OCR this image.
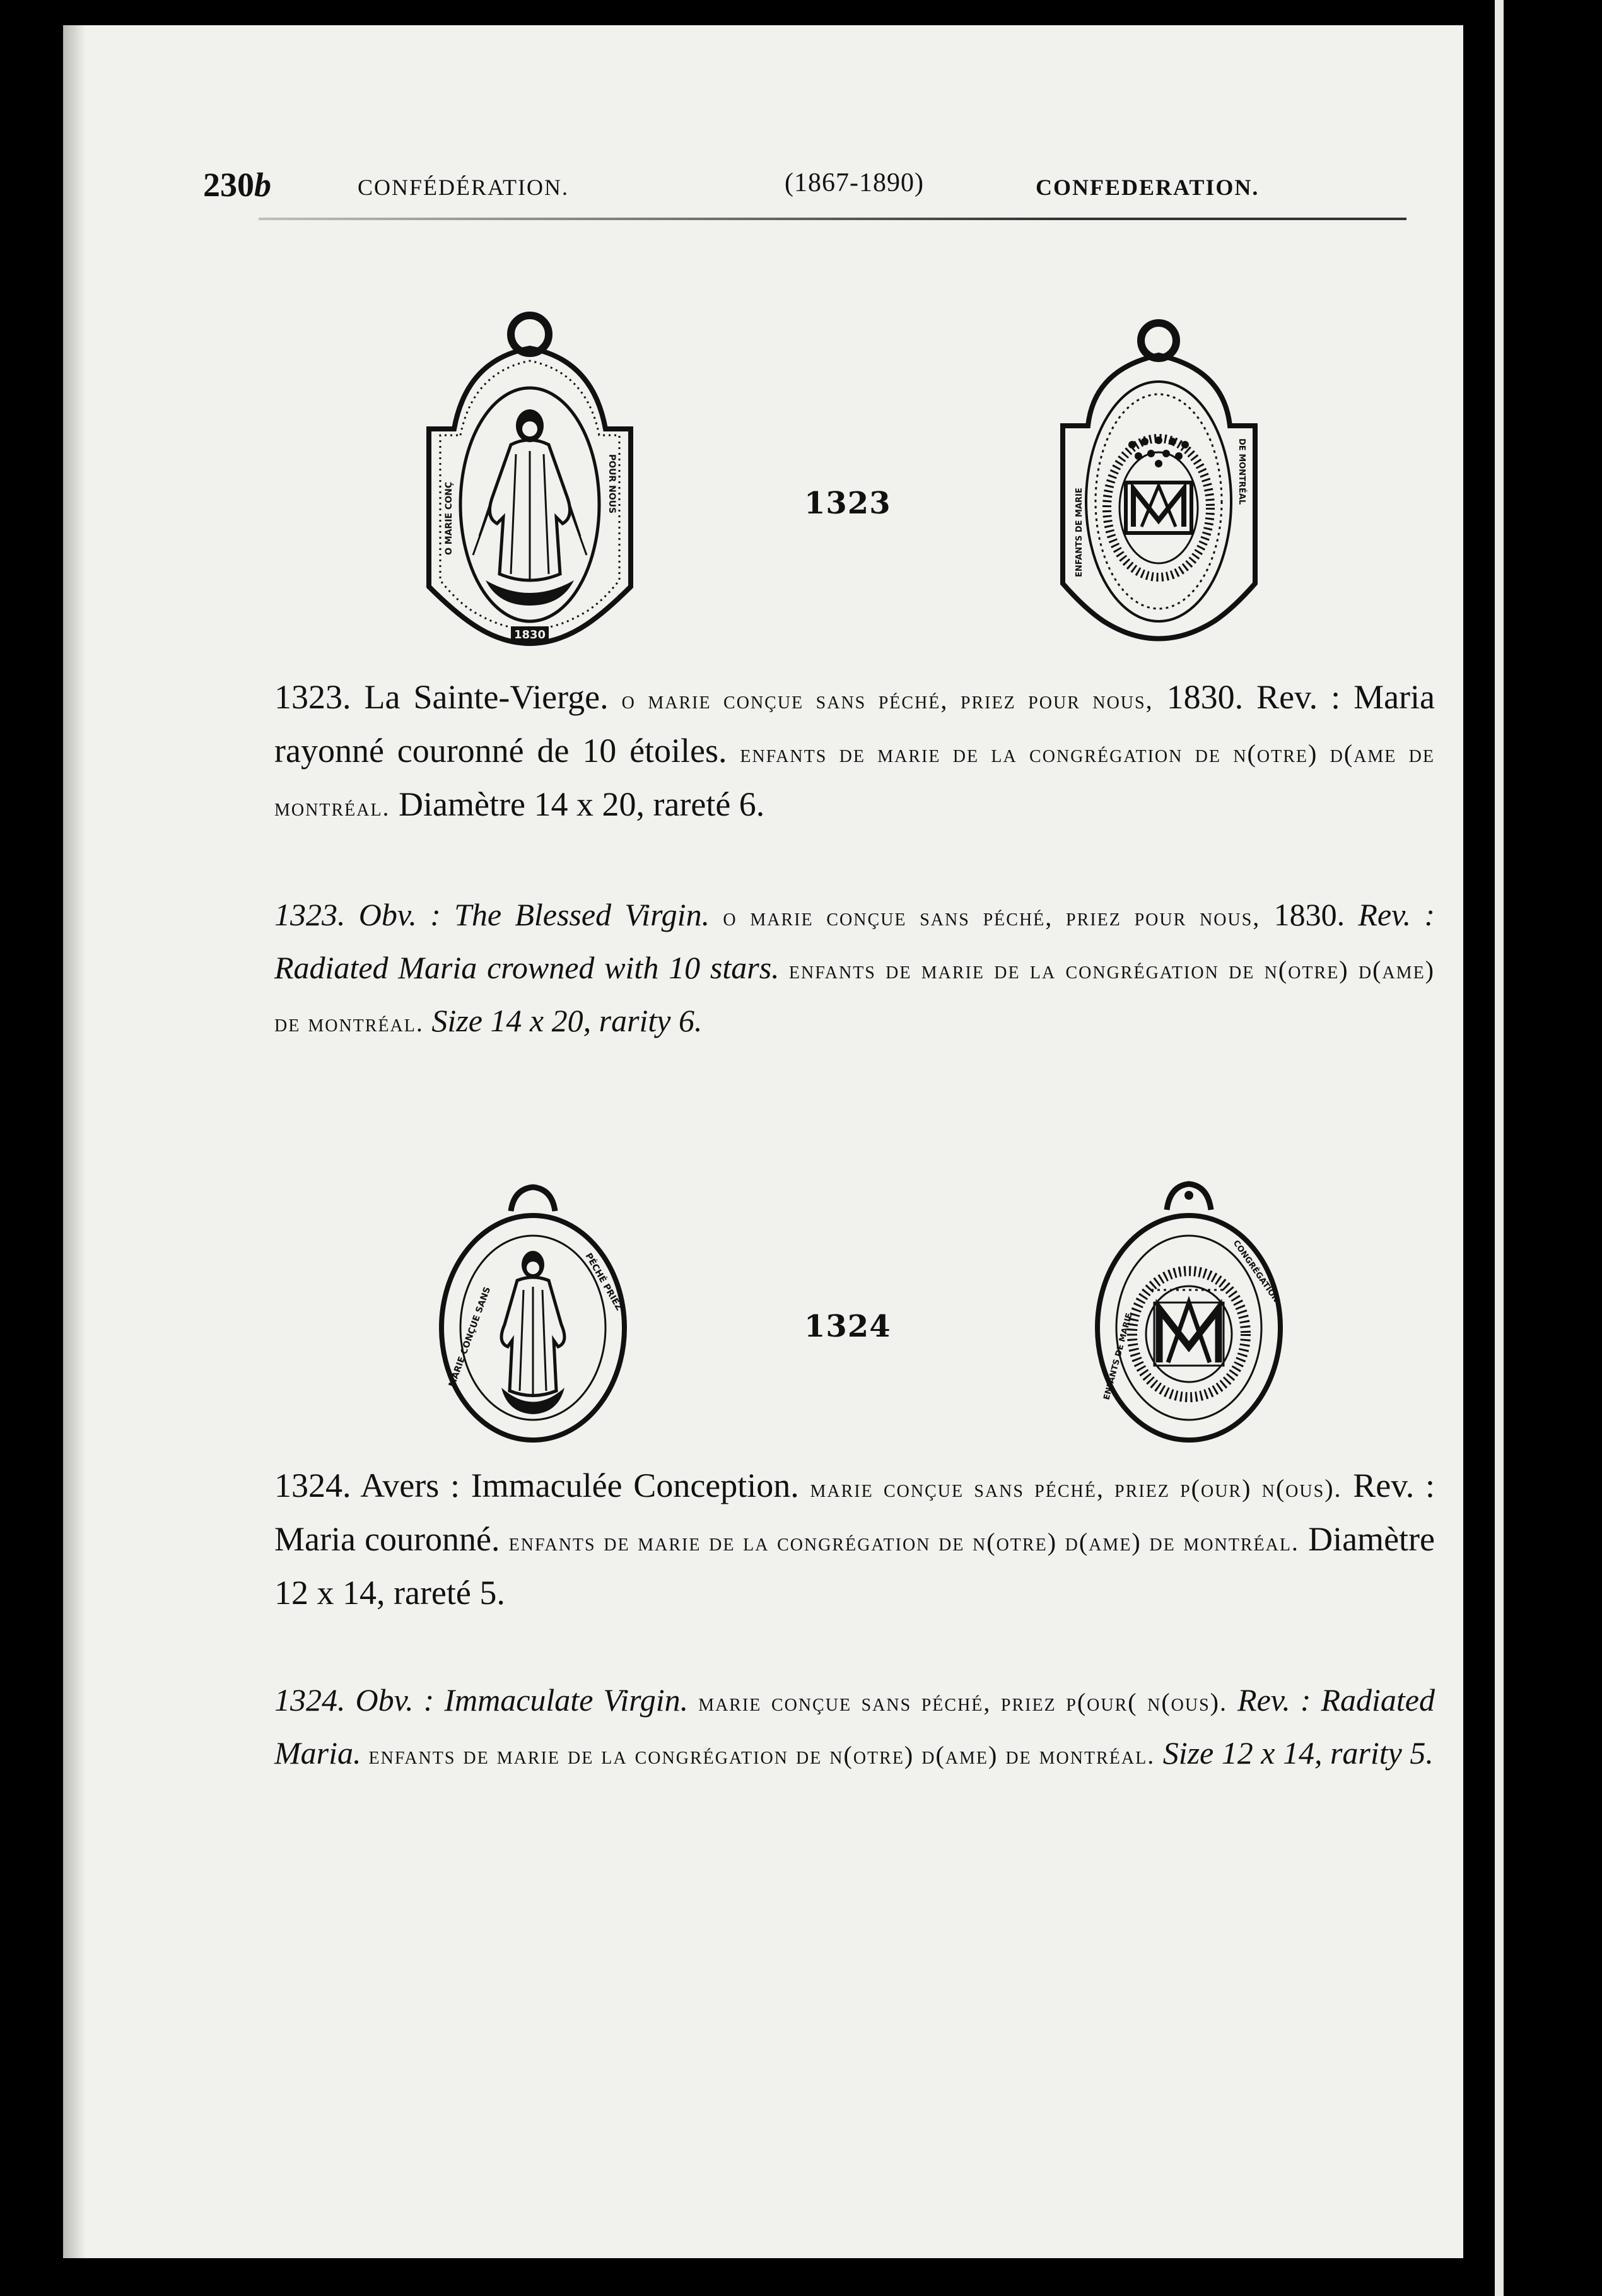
230b	CONFÉDÉRATION.	(1867-1890)	CONFEDERATION.
1830
O MARIE CONÇ	POUR NOUS	1323	ENFANTS DE MARIE
DE MONTRÉAL
1323. La Sainte-Vierge. o marie conçue sans péché, priez pour nous, 1830. Rev. : Maria rayonné couronné de 10 étoiles. enfants de marie de la congrégation de n(otre) d(ame de montréal. Diamètre 14 x 20, rareté 6.
1323. Obv. : The Blessed Virgin. o marie conçue sans péché, priez pour nous, 1830. Rev. : Radiated Maria crowned with 10 stars. enfants de marie de la congrégation de n(otre) d(ame) de montréal. Size 14 x 20, rarity 6.
MARIE CONÇUE SANS
PÉCHÉ PRIEZ
1324	ENFANTS DE MARIE
CONGRÉGATION
1324. Avers : Immaculée Conception. marie conçue sans péché, priez p(our) n(ous). Rev. : Maria couronné. enfants de marie de la congrégation de n(otre) d(ame) de montréal. Diamètre 12 x 14, rareté 5.
1324. Obv. : Immaculate Virgin. marie conçue sans péché, priez p(our( n(ous). Rev. : Radiated Maria. enfants de marie de la congrégation de n(otre) d(ame) de montréal. Size 12 x 14, rarity 5.
